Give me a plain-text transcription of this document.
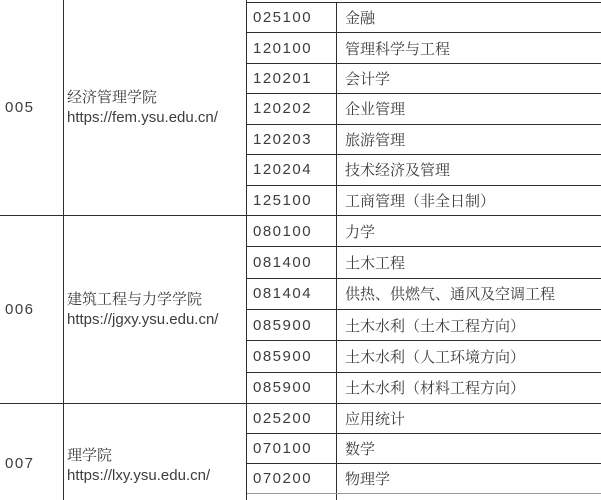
005
经济管理学院
https://fem.ysu.edu.cn/
025100	金融
120100	管理科学与工程
120201	会计学
120202	企业管理
120203	旅游管理
120204	技术经济及管理
125100	工商管理（非全日制）
006
建筑工程与力学学院
https://jgxy.ysu.edu.cn/
080100	力学
081400	土木工程
081404	供热、供燃气、通风及空调工程
085900	土木水利（土木工程方向）
085900	土木水利（人工环境方向）
085900	土木水利（材料工程方向）
007 理学院
https://lxy.ysu.edu.cn/
025200	应用统计
070100	数学
070200	物理学
